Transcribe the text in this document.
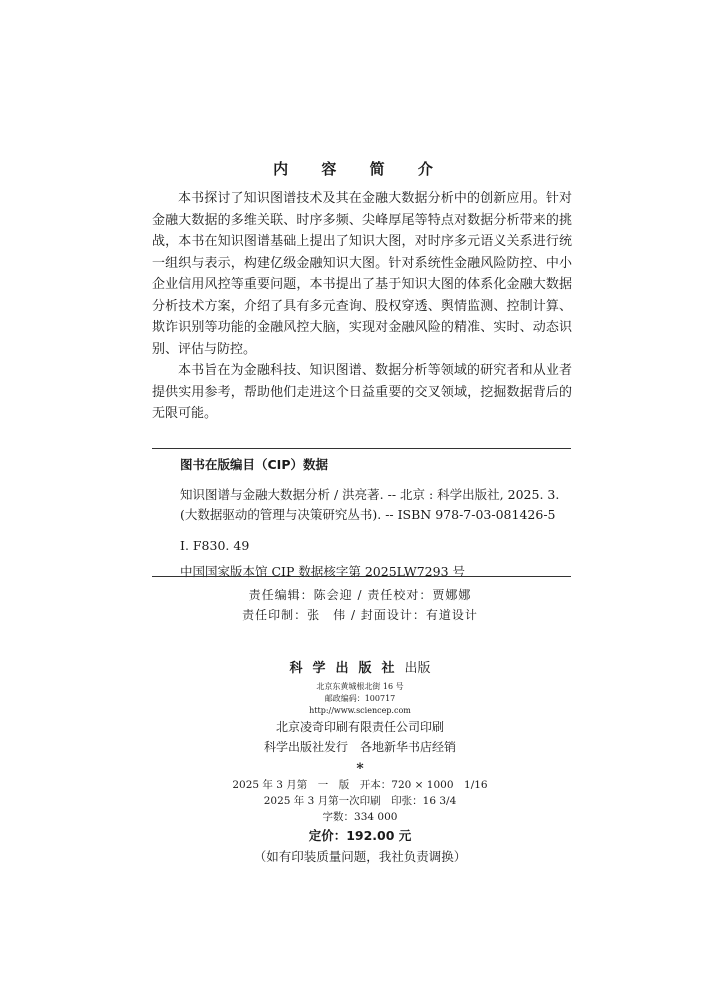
内 容 简 介

本书探讨了知识图谱技术及其在金融大数据分析中的创新应用。针对金融大数据的多维关联、时序多频、尖峰厚尾等特点对数据分析带来的挑战，本书在知识图谱基础上提出了知识大图，对时序多元语义关系进行统一组织与表示，构建亿级金融知识大图。针对系统性金融风险防控、中小企业信用风控等重要问题，本书提出了基于知识大图的体系化金融大数据分析技术方案，介绍了具有多元查询、股权穿透、舆情监测、控制计算、欺诈识别等功能的金融风控大脑，实现对金融风险的精准、实时、动态识别、评估与防控。

本书旨在为金融科技、知识图谱、数据分析等领域的研究者和从业者提供实用参考，帮助他们走进这个日益重要的交叉领域，挖掘数据背后的无限可能。

图书在版编目（CIP）数据
知识图谱与金融大数据分析 / 洪亮著. -- 北京 : 科学出版社, 2025. 3.
(大数据驱动的管理与决策研究丛书). -- ISBN 978-7-03-081426-5
Ⅰ. F830. 49
中国国家版本馆 CIP 数据核字第 2025LW7293 号
责任编辑：陈会迎 / 责任校对：贾娜娜
责任印制：张　伟 / 封面设计：有道设计
科学出版社出版
北京东黄城根北街 16 号
邮政编码：100717
http://www.sciencep.com
北京凌奇印刷有限责任公司印刷
科学出版社发行　各地新华书店经销
*
2025 年 3 月第　一　版　开本：720 × 1000　1/16
2025 年 3 月第一次印刷　印张：16 3/4
字数：334 000
定价：192.00 元
（如有印装质量问题，我社负责调换）
